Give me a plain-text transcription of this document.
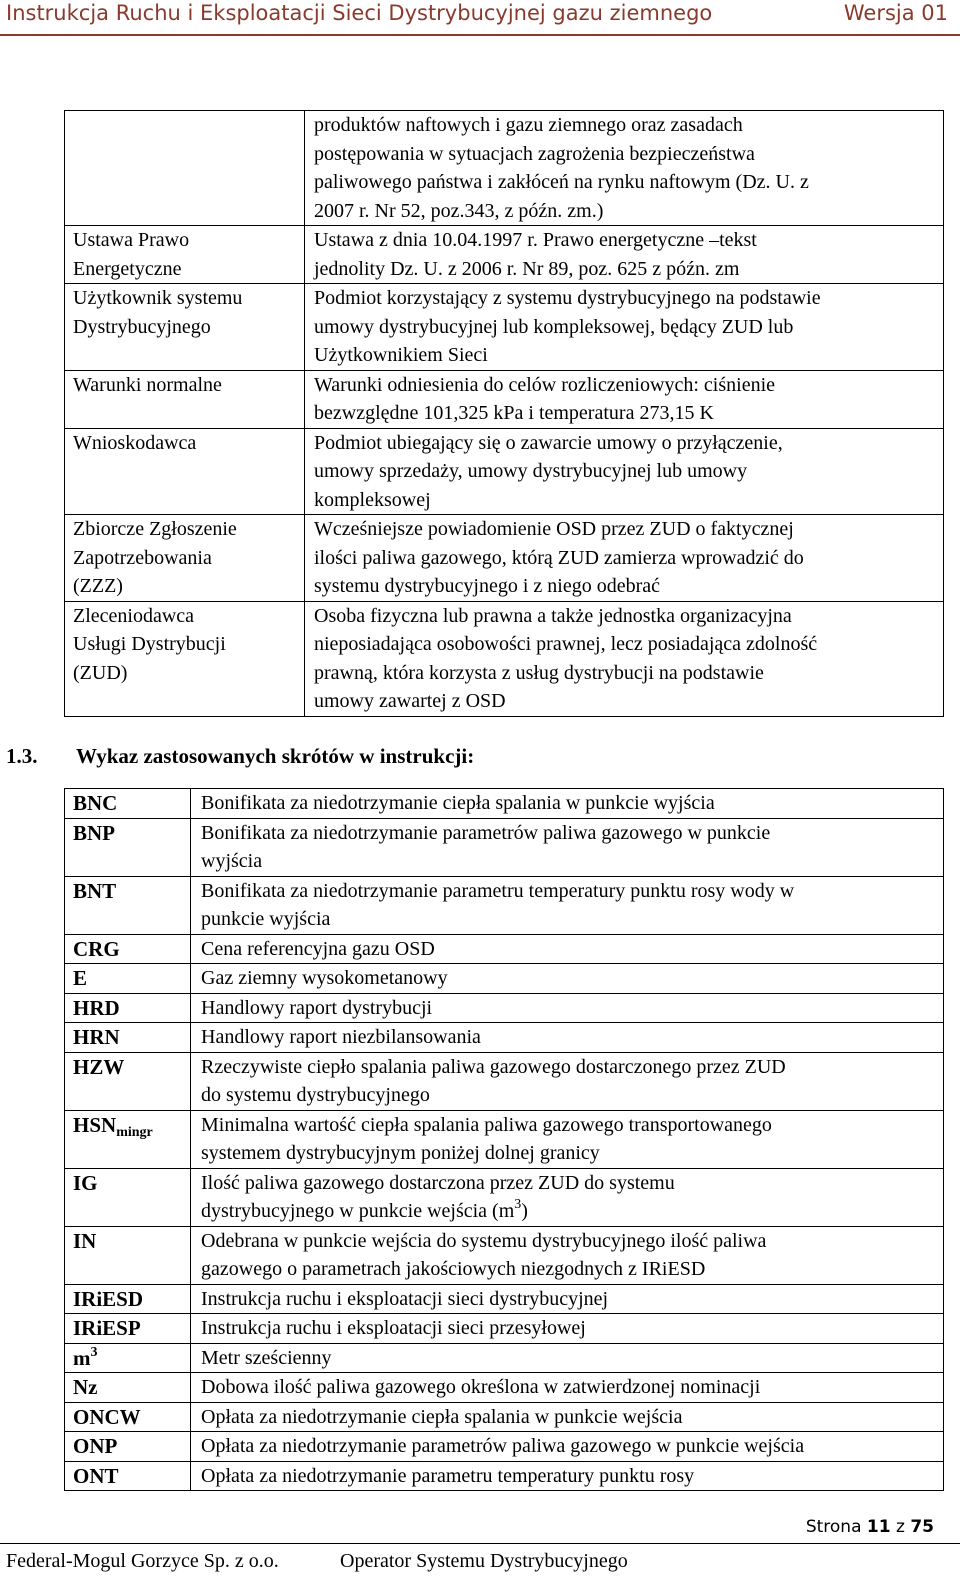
Instrukcja Ruchu i Eksploatacji Sieci Dystrybucyjnej gazu ziemnego	Wersja 01

	produktów naftowych i gazu ziemnego oraz zasadach
postępowania w sytuacjach zagrożenia bezpieczeństwa
paliwowego państwa i zakłóceń na rynku naftowym (Dz. U. z
2007 r. Nr 52, poz.343, z późn. zm.)

Ustawa Prawo
Energetyczne	Ustawa z dnia 10.04.1997 r. Prawo energetyczne –tekst
jednolity Dz. U. z 2006 r. Nr 89, poz. 625 z późn. zm

Użytkownik systemu
Dystrybucyjnego	Podmiot korzystający z systemu dystrybucyjnego na podstawie
umowy dystrybucyjnej lub kompleksowej, będący ZUD lub
Użytkownikiem Sieci

Warunki normalne	Warunki odniesienia do celów rozliczeniowych: ciśnienie
bezwzględne 101,325 kPa i temperatura 273,15 K

Wnioskodawca	Podmiot ubiegający się o zawarcie umowy o przyłączenie,
umowy sprzedaży, umowy dystrybucyjnej lub umowy
kompleksowej

Zbiorcze Zgłoszenie
Zapotrzebowania
(ZZZ)	Wcześniejsze powiadomienie OSD przez ZUD o faktycznej
ilości paliwa gazowego, którą ZUD zamierza wprowadzić do
systemu dystrybucyjnego i z niego odebrać

Zleceniodawca
Usługi Dystrybucji
(ZUD)	Osoba fizyczna lub prawna a także jednostka organizacyjna
nieposiadająca osobowości prawnej, lecz posiadająca zdolność
prawną, która korzysta z usług dystrybucji na podstawie
umowy zawartej z OSD
1.3. Wykaz zastosowanych skrótów w instrukcji:
BNC	Bonifikata za niedotrzymanie ciepła spalania w punkcie wyjścia

BNP	Bonifikata za niedotrzymanie parametrów paliwa gazowego w punkcie
wyjścia

BNT	Bonifikata za niedotrzymanie parametru temperatury punktu rosy wody w
punkcie wyjścia

CRG	Cena referencyjna gazu OSD

E	Gaz ziemny wysokometanowy

HRD	Handlowy raport dystrybucji

HRN	Handlowy raport niezbilansowania

HZW	Rzeczywiste ciepło spalania paliwa gazowego dostarczonego przez ZUD
do systemu dystrybucyjnego

$HSN_{mingr}$	Minimalna wartość ciepła spalania paliwa gazowego transportowanego
systemem dystrybucyjnym poniżej dolnej granicy

IG	Ilość paliwa gazowego dostarczona przez ZUD do systemu
dystrybucyjnego w punkcie wejścia $(m^3)$

IN	Odebrana w punkcie wejścia do systemu dystrybucyjnego ilość paliwa
gazowego o parametrach jakościowych niezgodnych z IRiESD

IRiESD	Instrukcja ruchu i eksploatacji sieci dystrybucyjnej

IRiESP	Instrukcja ruchu i eksploatacji sieci przesyłowej

$m^3$	Metr sześcienny

Nz	Dobowa ilość paliwa gazowego określona w zatwierdzonej nominacji

ONCW	Opłata za niedotrzymanie ciepła spalania w punkcie wejścia

ONP	Opłata za niedotrzymanie parametrów paliwa gazowego w punkcie wejścia

ONT	Opłata za niedotrzymanie parametru temperatury punktu rosy
Strona 11 z 75
Federal-Mogul Gorzyce Sp. z o.o.	Operator Systemu Dystrybucyjnego
